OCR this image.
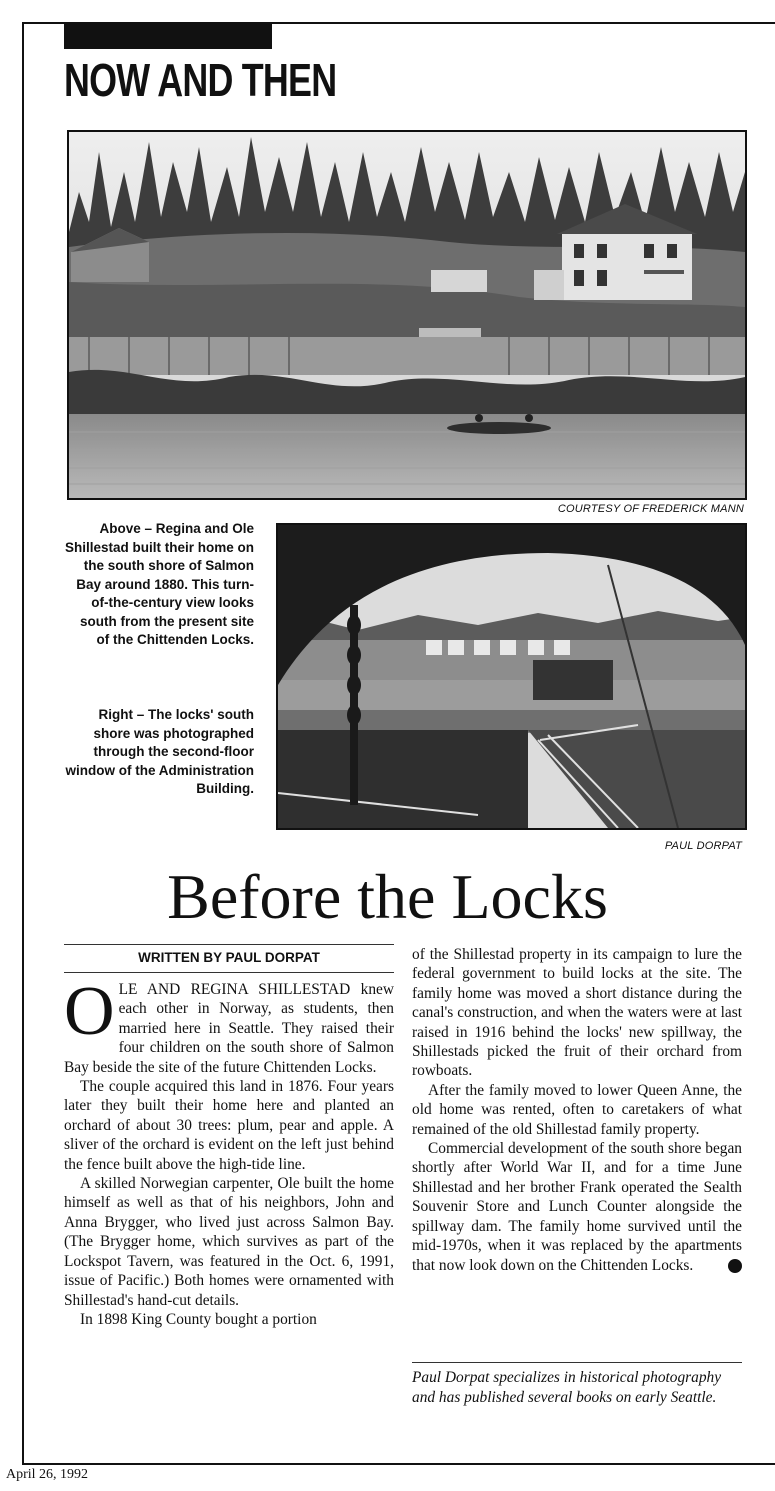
NOW AND THEN
COURTESY OF FREDERICK MANN
Above – Regina and Ole Shillestad built their home on the south shore of Salmon Bay around 1880. This turn-of-the-century view looks south from the present site of the Chittenden Locks.
Right – The locks' south shore was photographed through the second-floor window of the Administration Building.
PAUL DORPAT
Before the Locks
WRITTEN BY PAUL DORPAT

OLE AND REGINA SHILLESTAD knew each other in Norway, as students, then married here in Seattle. They raised their four children on the south shore of Salmon Bay beside the site of the future Chittenden Locks.

The couple acquired this land in 1876. Four years later they built their home here and planted an orchard of about 30 trees: plum, pear and apple. A sliver of the orchard is evident on the left just behind the fence built above the high-tide line.

A skilled Norwegian carpenter, Ole built the home himself as well as that of his neighbors, John and Anna Brygger, who lived just across Salmon Bay. (The Brygger home, which survives as part of the Lockspot Tavern, was featured in the Oct. 6, 1991, issue of Pacific.) Both homes were ornamented with Shillestad's hand-cut details.

In 1898 King County bought a portion

of the Shillestad property in its campaign to lure the federal government to build locks at the site. The family home was moved a short distance during the canal's construction, and when the waters were at last raised in 1916 behind the locks' new spillway, the Shillestads picked the fruit of their orchard from rowboats.

After the family moved to lower Queen Anne, the old home was rented, often to caretakers of what remained of the old Shillestad family property.

Commercial development of the south shore began shortly after World War II, and for a time June Shillestad and her brother Frank operated the Sealth Souvenir Store and Lunch Counter alongside the spillway dam. The family home survived until the mid-1970s, when it was replaced by the apartments that now look down on the Chittenden Locks.	P

Paul Dorpat specializes in historical photography and has published several books on early Seattle.
April 26, 1992
